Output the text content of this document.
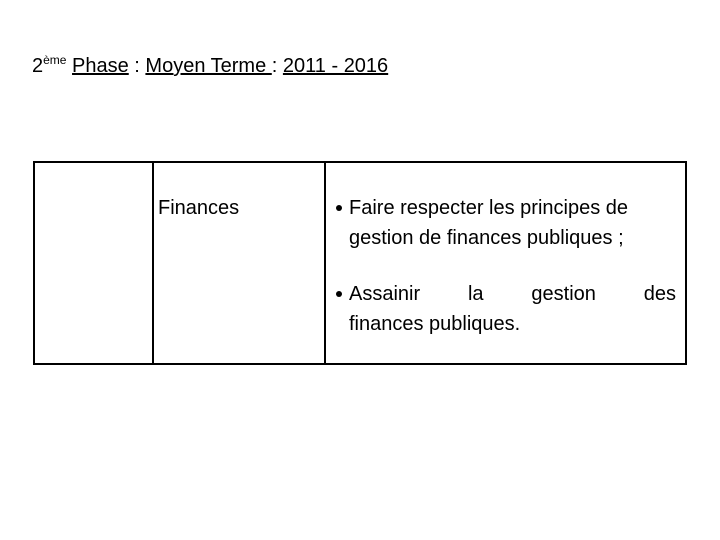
2ème Phase : Moyen Terme : 2011 - 2016
Finances	Faire respecter les principes de
gestion de finances publiques ;
Assainir la gestion des
finances publiques.
